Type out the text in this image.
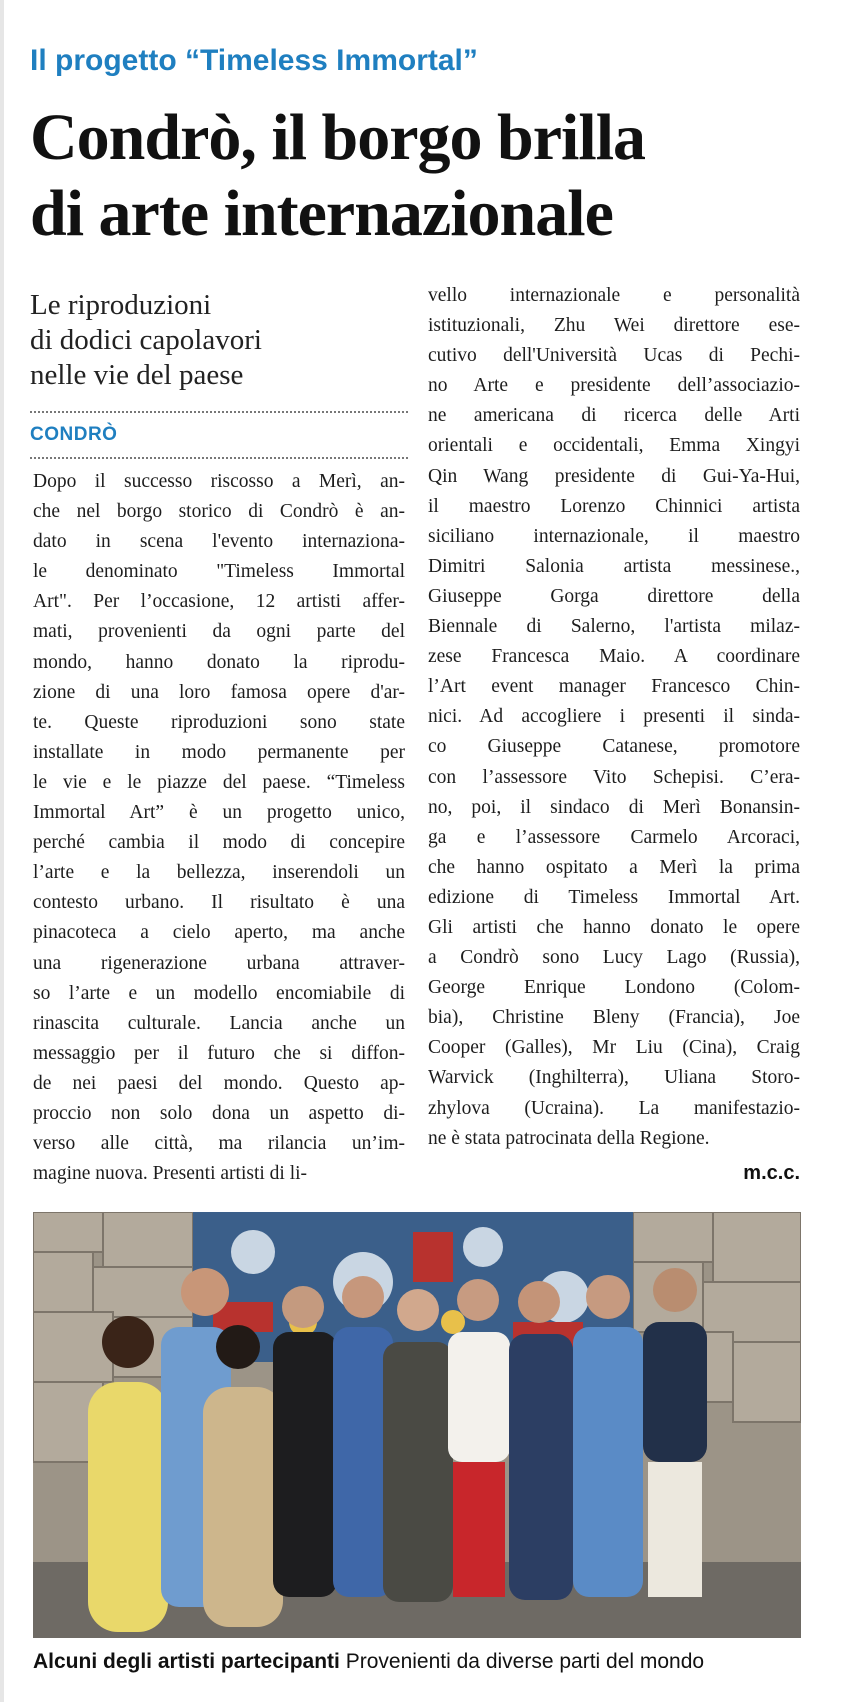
Il progetto “Timeless Immortal”
Condrò, il borgo brilla
di arte internazionale
Le riproduzioni
di dodici capolavori
nelle vie del paese
CONDRÒ
Dopo il successo riscosso a Merì, an-
che nel borgo storico di Condrò è an-
dato in scena l'evento internaziona-
le denominato "Timeless Immortal
Art". Per l’occasione, 12 artisti affer-
mati, provenienti da ogni parte del
mondo, hanno donato la riprodu-
zione di una loro famosa opere d'ar-
te. Queste riproduzioni sono state
installate in modo permanente per
le vie e le piazze del paese. “Timeless
Immortal Art” è un progetto unico,
perché cambia il modo di concepire
l’arte e la bellezza, inserendoli un
contesto urbano. Il risultato è una
pinacoteca a cielo aperto, ma anche
una rigenerazione urbana attraver-
so l’arte e un modello encomiabile di
rinascita culturale. Lancia anche un
messaggio per il futuro che si diffon-
de nei paesi del mondo. Questo ap-
proccio non solo dona un aspetto di-
verso alle città, ma rilancia un’im-
magine nuova. Presenti artisti di li-
vello internazionale e personalità
istituzionali, Zhu Wei direttore ese-
cutivo dell'Università Ucas di Pechi-
no Arte e presidente dell’associazio-
ne americana di ricerca delle Arti
orientali e occidentali, Emma Xingyi
Qin Wang presidente di Gui-Ya-Hui,
il maestro Lorenzo Chinnici artista
siciliano internazionale, il maestro
Dimitri Salonia artista messinese.,
Giuseppe Gorga direttore della
Biennale di Salerno, l'artista milaz-
zese Francesca Maio. A coordinare
l’Art event manager Francesco Chin-
nici. Ad accogliere i presenti il sinda-
co Giuseppe Catanese, promotore
con l’assessore Vito Schepisi. C’era-
no, poi, il sindaco di Merì Bonansin-
ga e l’assessore Carmelo Arcoraci,
che hanno ospitato a Merì la prima
edizione di Timeless Immortal Art.
Gli artisti che hanno donato le opere
a Condrò sono Lucy Lago (Russia),
George Enrique Londono (Colom-
bia), Christine Bleny (Francia), Joe
Cooper (Galles), Mr Liu (Cina), Craig
Warvick (Inghilterra), Uliana Storo-
zhylova (Ucraina). La manifestazio-
ne è stata patrocinata della Regione.
m.c.c.
Alcuni degli artisti partecipanti Provenienti da diverse parti del mondo
